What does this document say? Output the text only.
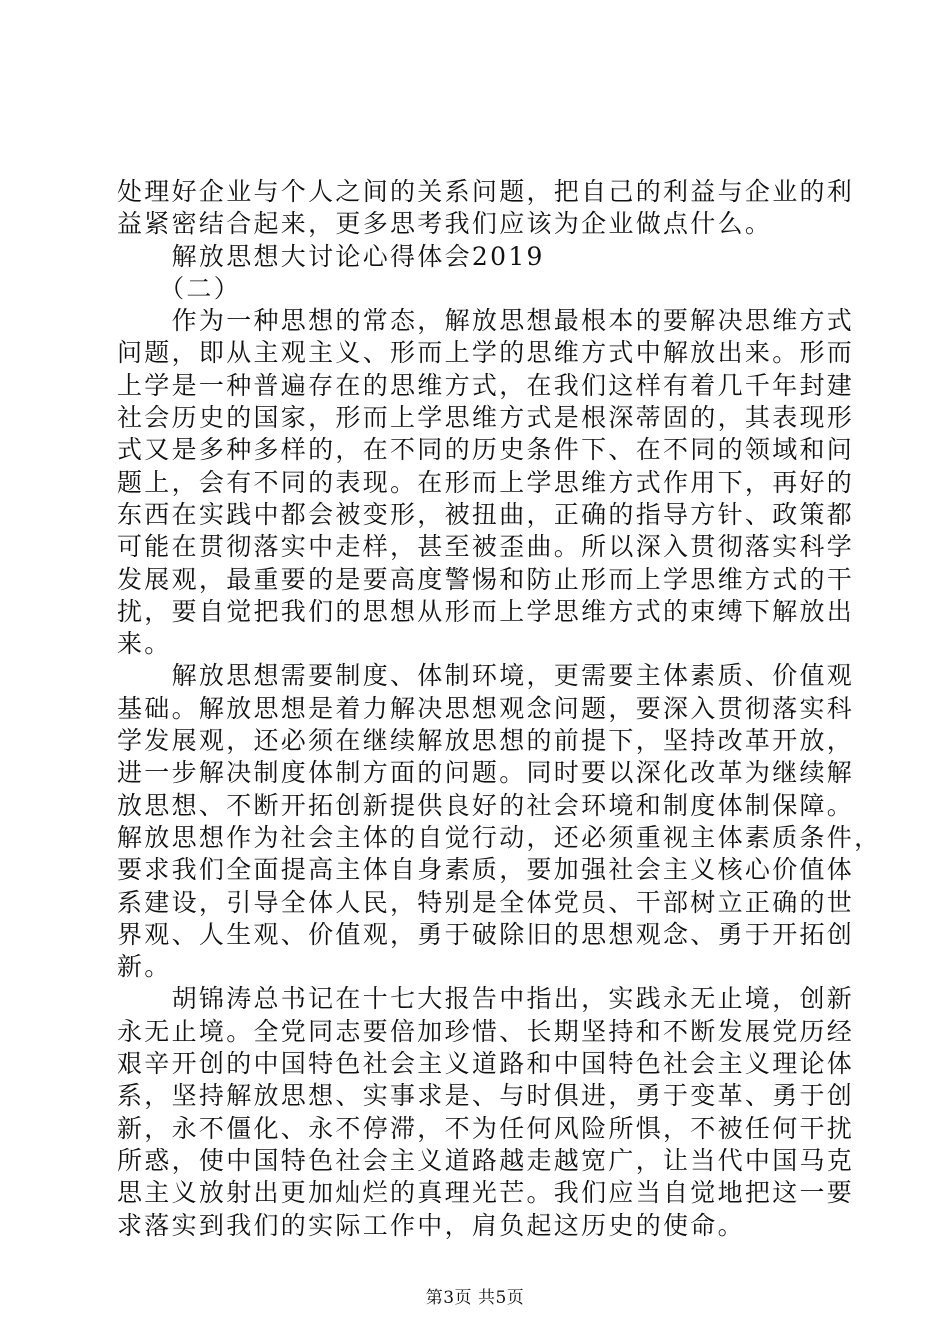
处理好企业与个人之间的关系问题，把自己的利益与企业的利
益紧密结合起来，更多思考我们应该为企业做点什么。
　　解放思想大讨论心得体会2019
　　（二）
　　作为一种思想的常态，解放思想最根本的要解决思维方式
问题，即从主观主义、形而上学的思维方式中解放出来。形而
上学是一种普遍存在的思维方式，在我们这样有着几千年封建
社会历史的国家，形而上学思维方式是根深蒂固的，其表现形
式又是多种多样的，在不同的历史条件下、在不同的领域和问
题上，会有不同的表现。在形而上学思维方式作用下，再好的
东西在实践中都会被变形，被扭曲，正确的指导方针、政策都
可能在贯彻落实中走样，甚至被歪曲。所以深入贯彻落实科学
发展观，最重要的是要高度警惕和防止形而上学思维方式的干
扰，要自觉把我们的思想从形而上学思维方式的束缚下解放出
来。
　　解放思想需要制度、体制环境，更需要主体素质、价值观
基础。解放思想是着力解决思想观念问题，要深入贯彻落实科
学发展观，还必须在继续解放思想的前提下，坚持改革开放，
进一步解决制度体制方面的问题。同时要以深化改革为继续解
放思想、不断开拓创新提供良好的社会环境和制度体制保障。
解放思想作为社会主体的自觉行动，还必须重视主体素质条件，
要求我们全面提高主体自身素质，要加强社会主义核心价值体
系建设，引导全体人民，特别是全体党员、干部树立正确的世
界观、人生观、价值观，勇于破除旧的思想观念、勇于开拓创
新。
　　胡锦涛总书记在十七大报告中指出，实践永无止境，创新
永无止境。全党同志要倍加珍惜、长期坚持和不断发展党历经
艰辛开创的中国特色社会主义道路和中国特色社会主义理论体
系，坚持解放思想、实事求是、与时俱进，勇于变革、勇于创
新，永不僵化、永不停滞，不为任何风险所惧，不被任何干扰
所惑，使中国特色社会主义道路越走越宽广，让当代中国马克
思主义放射出更加灿烂的真理光芒。我们应当自觉地把这一要
求落实到我们的实际工作中，肩负起这历史的使命。
第3页 共5页
